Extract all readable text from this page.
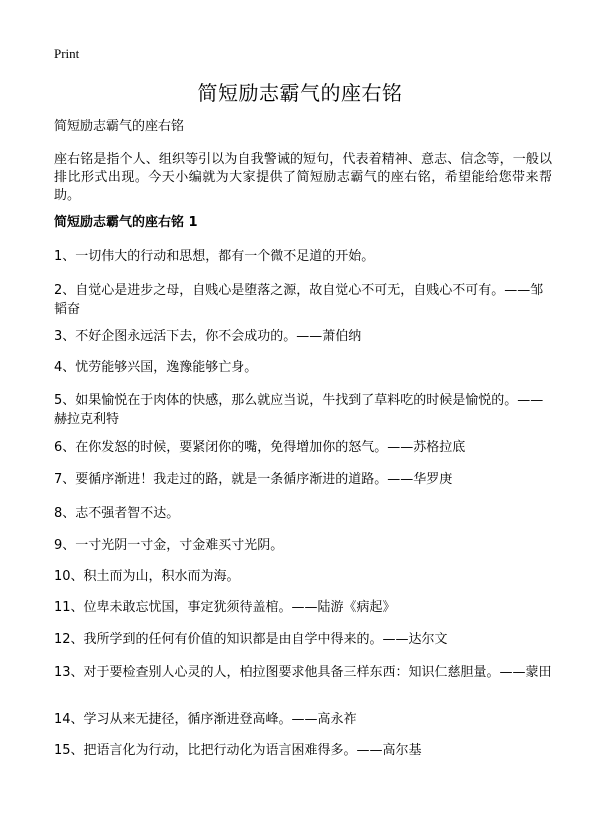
Print
简短励志霸气的座右铭
简短励志霸气的座右铭
座右铭是指个人、组织等引以为自我警诫的短句，代表着精神、意志、信念等，一般以排比形式出现。今天小编就为大家提供了简短励志霸气的座右铭，希望能给您带来帮助。
简短励志霸气的座右铭 1
1、一切伟大的行动和思想，都有一个微不足道的开始。
2、自觉心是进步之母，自贱心是堕落之源，故自觉心不可无，自贱心不可有。——邹韬奋
3、不好企图永远活下去，你不会成功的。——萧伯纳
4、忧劳能够兴国，逸豫能够亡身。
5、如果愉悦在于肉体的快感，那么就应当说，牛找到了草料吃的时候是愉悦的。——赫拉克利特
6、在你发怒的时候，要紧闭你的嘴，免得增加你的怒气。——苏格拉底
7、要循序渐进！我走过的路，就是一条循序渐进的道路。——华罗庚
8、志不强者智不达。
9、一寸光阴一寸金，寸金难买寸光阴。
10、积土而为山，积水而为海。
11、位卑未敢忘忧国，事定犹须待盖棺。——陆游《病起》
12、我所学到的任何有价值的知识都是由自学中得来的。——达尔文
13、对于要检查别人心灵的人，柏拉图要求他具备三样东西：知识仁慈胆量。——蒙田
14、学习从来无捷径，循序渐进登高峰。——高永祚
15、把语言化为行动，比把行动化为语言困难得多。——高尔基
